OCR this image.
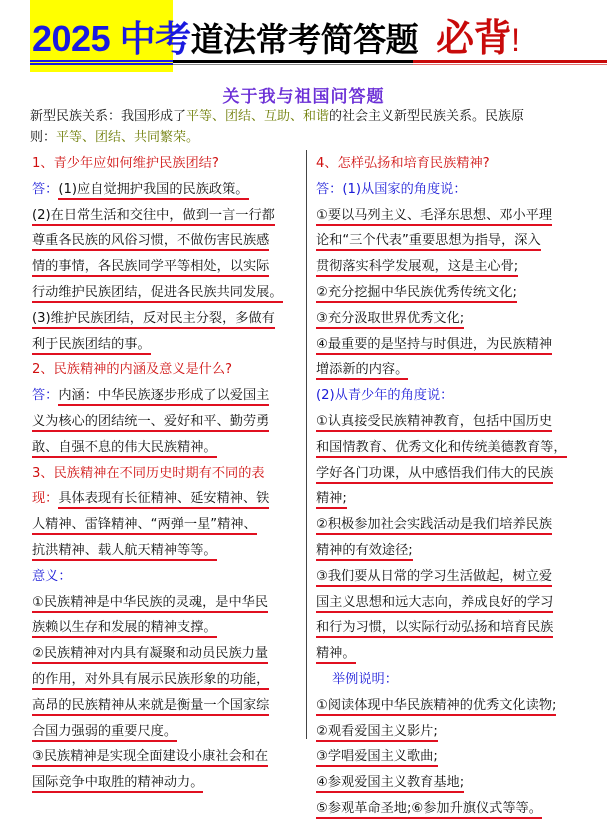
2025 中考道法常考简答题 必背!
关于我与祖国问答题
新型民族关系：我国形成了平等、团结、互助、和谐的社会主义新型民族关系。民族原
则：平等、团结、共同繁荣。
1、青少年应如何维护民族团结?
答：(1)应自觉拥护我国的民族政策。
(2)在日常生活和交往中，做到一言一行都
尊重各民族的风俗习惯，不做伤害民族感
情的事情，各民族同学平等相处，以实际
行动维护民族团结，促进各民族共同发展。
(3)维护民族团结，反对民主分裂，多做有
利于民族团结的事。
2、民族精神的内涵及意义是什么?
答：内涵：中华民族逐步形成了以爱国主
义为核心的团结统一、爱好和平、勤劳勇
敢、自强不息的伟大民族精神。
3、民族精神在不同历史时期有不同的表
现：具体表现有长征精神、延安精神、铁
人精神、雷锋精神、“两弹一星”精神、
抗洪精神、载人航天精神等等。
意义：
①民族精神是中华民族的灵魂，是中华民
族赖以生存和发展的精神支撑。
②民族精神对内具有凝聚和动员民族力量
的作用，对外具有展示民族形象的功能，
高昂的民族精神从来就是衡量一个国家综
合国力强弱的重要尺度。
③民族精神是实现全面建设小康社会和在
国际竞争中取胜的精神动力。
4、怎样弘扬和培育民族精神?
答：(1)从国家的角度说：
①要以马列主义、毛泽东思想、邓小平理
论和“三个代表”重要思想为指导，深入
贯彻落实科学发展观，这是主心骨;
②充分挖掘中华民族优秀传统文化;
③充分汲取世界优秀文化;
④最重要的是坚持与时俱进，为民族精神
增添新的内容。
(2)从青少年的角度说：
①认真接受民族精神教育，包括中国历史
和国情教育、优秀文化和传统美德教育等，
学好各门功课，从中感悟我们伟大的民族
精神;
②积极参加社会实践活动是我们培养民族
精神的有效途径;
③我们要从日常的学习生活做起，树立爱
国主义思想和远大志向，养成良好的学习
和行为习惯，以实际行动弘扬和培育民族
精神。
举例说明：
①阅读体现中华民族精神的优秀文化读物;
②观看爱国主义影片;
③学唱爱国主义歌曲;
④参观爱国主义教育基地;
⑤参观革命圣地;⑥参加升旗仪式等等。
